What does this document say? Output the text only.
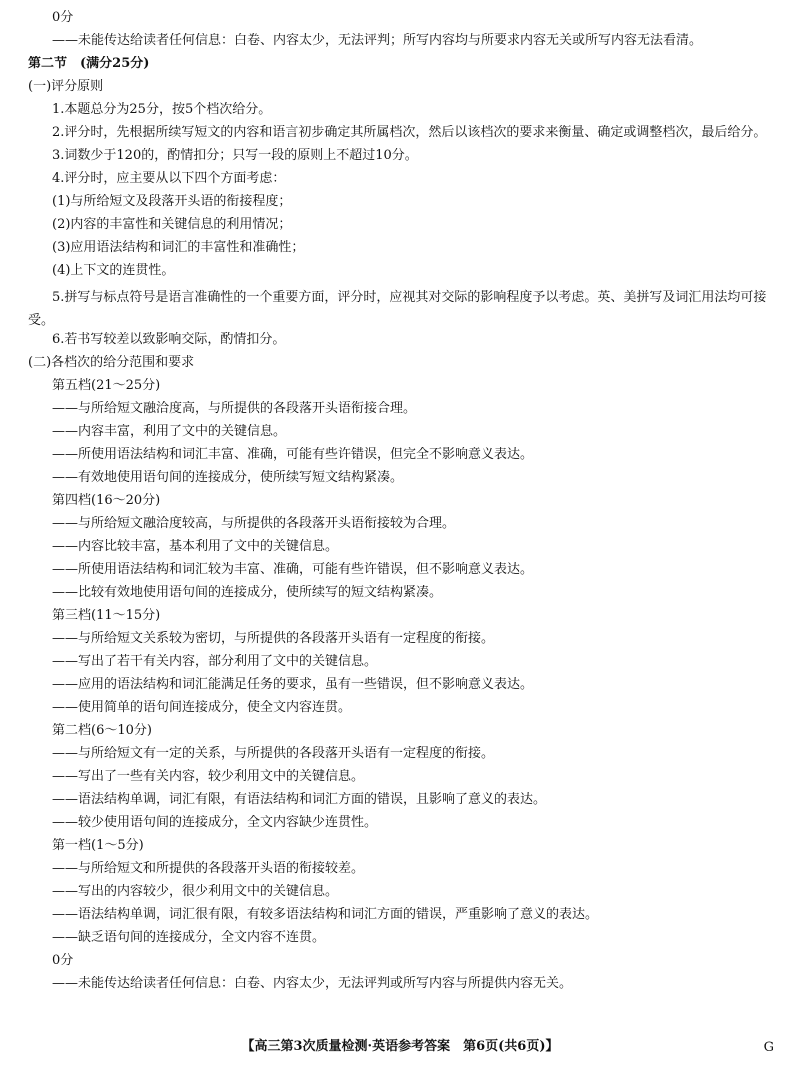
0分
——未能传达给读者任何信息：白卷、内容太少，无法评判；所写内容均与所要求内容无关或所写内容无法看清。
第二节　(满分25分)
(一)评分原则
1.本题总分为25分，按5个档次给分。
2.评分时，先根据所续写短文的内容和语言初步确定其所属档次，然后以该档次的要求来衡量、确定或调整档次，最后给分。
3.词数少于120的，酌情扣分；只写一段的原则上不超过10分。
4.评分时，应主要从以下四个方面考虑：
(1)与所给短文及段落开头语的衔接程度；
(2)内容的丰富性和关键信息的利用情况；
(3)应用语法结构和词汇的丰富性和准确性；
(4)上下文的连贯性。
5.拼写与标点符号是语言准确性的一个重要方面，评分时，应视其对交际的影响程度予以考虑。英、美拼写及词汇用法均可接受。
6.若书写较差以致影响交际，酌情扣分。
(二)各档次的给分范围和要求
第五档(21～25分)
——与所给短文融洽度高，与所提供的各段落开头语衔接合理。
——内容丰富，利用了文中的关键信息。
——所使用语法结构和词汇丰富、准确，可能有些许错误，但完全不影响意义表达。
——有效地使用语句间的连接成分，使所续写短文结构紧凑。
第四档(16～20分)
——与所给短文融洽度较高，与所提供的各段落开头语衔接较为合理。
——内容比较丰富，基本利用了文中的关键信息。
——所使用语法结构和词汇较为丰富、准确，可能有些许错误，但不影响意义表达。
——比较有效地使用语句间的连接成分，使所续写的短文结构紧凑。
第三档(11～15分)
——与所给短文关系较为密切，与所提供的各段落开头语有一定程度的衔接。
——写出了若干有关内容，部分利用了文中的关键信息。
——应用的语法结构和词汇能满足任务的要求，虽有一些错误，但不影响意义表达。
——使用简单的语句间连接成分，使全文内容连贯。
第二档(6～10分)
——与所给短文有一定的关系，与所提供的各段落开头语有一定程度的衔接。
——写出了一些有关内容，较少利用文中的关键信息。
——语法结构单调，词汇有限，有语法结构和词汇方面的错误，且影响了意义的表达。
——较少使用语句间的连接成分，全文内容缺少连贯性。
第一档(1～5分)
——与所给短文和所提供的各段落开头语的衔接较差。
——写出的内容较少，很少利用文中的关键信息。
——语法结构单调，词汇很有限，有较多语法结构和词汇方面的错误，严重影响了意义的表达。
——缺乏语句间的连接成分，全文内容不连贯。
0分
——未能传达给读者任何信息：白卷、内容太少，无法评判或所写内容与所提供内容无关。
【高三第3次质量检测·英语参考答案　第6页(共6页)】	G
